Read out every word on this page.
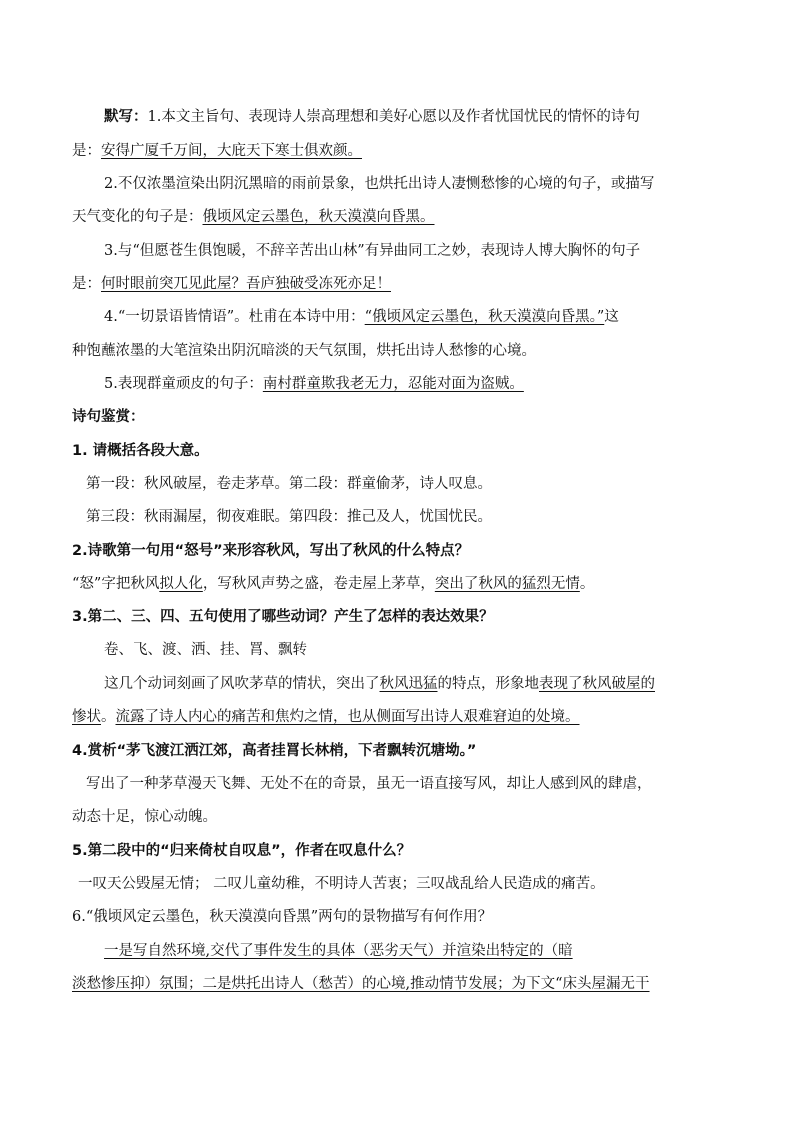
默写：1.本文主旨句、表现诗人崇高理想和美好心愿以及作者忧国忧民的情怀的诗句
是：安得广厦千万间，大庇天下寒士俱欢颜。
2.不仅浓墨渲染出阴沉黑暗的雨前景象，也烘托出诗人凄恻愁惨的心境的句子，或描写
天气变化的句子是：俄顷风定云墨色，秋天漠漠向昏黑。
3.与“但愿苍生俱饱暖，不辞辛苦出山林”有异曲同工之妙，表现诗人博大胸怀的句子
是：何时眼前突兀见此屋？吾庐独破受冻死亦足！
4.“一切景语皆情语”。杜甫在本诗中用：“俄顷风定云墨色，秋天漠漠向昏黑。”这
种饱蘸浓墨的大笔渲染出阴沉暗淡的天气氛围，烘托出诗人愁惨的心境。
5.表现群童顽皮的句子：南村群童欺我老无力，忍能对面为盗贼。
诗句鉴赏：
1. 请概括各段大意。
第一段：秋风破屋，卷走茅草。第二段：群童偷茅，诗人叹息。
第三段：秋雨漏屋，彻夜难眠。第四段：推己及人，忧国忧民。
2.诗歌第一句用“怒号”来形容秋风，写出了秋风的什么特点？
“怒”字把秋风拟人化，写秋风声势之盛，卷走屋上茅草，突出了秋风的猛烈无情。
3.第二、三、四、五句使用了哪些动词？产生了怎样的表达效果？
卷、飞、渡、洒、挂、罥、飘转
这几个动词刻画了风吹茅草的情状，突出了秋风迅猛的特点，形象地表现了秋风破屋的
惨状。流露了诗人内心的痛苦和焦灼之情，也从侧面写出诗人艰难窘迫的处境。
4.赏析“茅飞渡江洒江郊，高者挂罥长林梢，下者飘转沉塘坳。”
写出了一种茅草漫天飞舞、无处不在的奇景，虽无一语直接写风，却让人感到风的肆虐，
动态十足，惊心动魄。
5.第二段中的“归来倚杖自叹息”，作者在叹息什么？
一叹天公毁屋无情； 二叹儿童幼稚，不明诗人苦衷；三叹战乱给人民造成的痛苦。
6.“俄顷风定云墨色，秋天漠漠向昏黑”两句的景物描写有何作用？
一是写自然环境,交代了事件发生的具体（恶劣天气）并渲染出特定的（暗
淡愁惨压抑）氛围；二是烘托出诗人（愁苦）的心境,推动情节发展；为下文“床头屋漏无干
